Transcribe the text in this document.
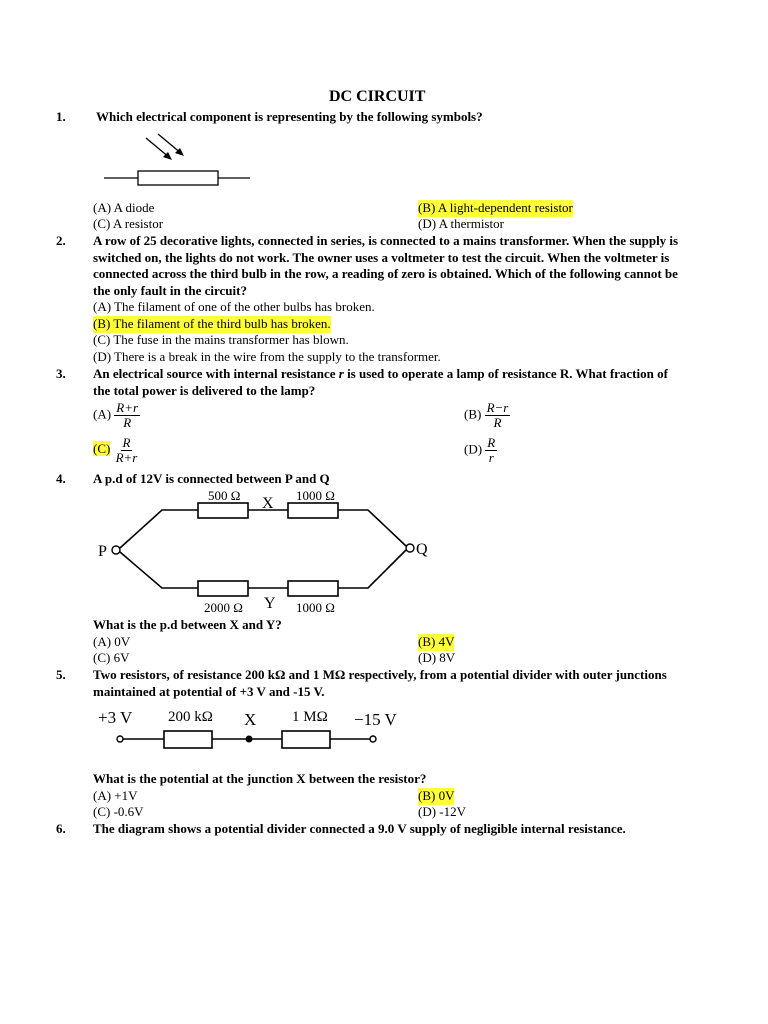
DC CIRCUIT
1. Which electrical component is representing by the following symbols?
(A) A diode	(B) A light-dependent resistor
(C) A resistor	(D) A thermistor
2. A row of 25 decorative lights, connected in series, is connected to a mains transformer. When the supply is switched on, the lights do not work. The owner uses a voltmeter to test the circuit. When the voltmeter is connected across the third bulb in the row, a reading of zero is obtained. Which of the following cannot be the only fault in the circuit?
(A) The filament of one of the other bulbs has broken.
(B) The filament of the third bulb has broken.
(C) The fuse in the mains transformer has blown.
(D) There is a break in the wire from the supply to the transformer.
3. An electrical source with internal resistance r is used to operate a lamp of resistance R. What fraction of the total power is delivered to the lamp?
$(A) \frac{R+r}{R}$	$(B) \frac{R-r}{R}$
$(C) \frac{R}{R+r}$	$(D) \frac{R}{r}$
4. A p.d of 12V is connected between P and Q
P	Q
500 Ω X 1000 Ω
2000 Ω Y 1000 Ω
What is the p.d between X and Y?
(A) 0V	(B) 4V
(C) 6V	(D) 8V
5. Two resistors, of resistance 200 kΩ and 1 MΩ respectively, from a potential divider with outer junctions maintained at potential of +3 V and -15 V.
+3 V 200 kΩ X 1 MΩ −15 V
What is the potential at the junction X between the resistor?
(A) +1V	(B) 0V
(C) -0.6V	(D) -12V
6. The diagram shows a potential divider connected a 9.0 V supply of negligible internal resistance.
